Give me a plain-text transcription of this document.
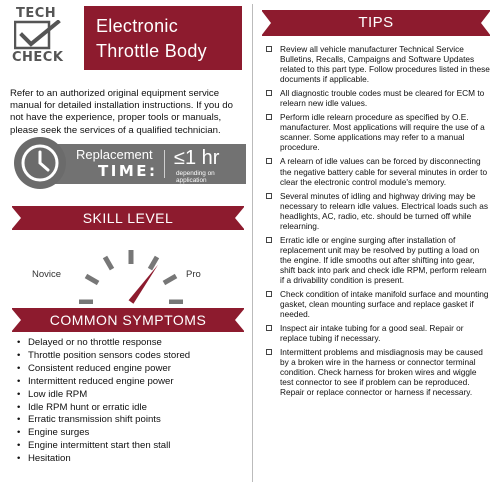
TECH
CHECK
Electronic
Throttle Body

Refer to an authorized original equipment service manual for detailed installation instructions. If you do not have the experience, proper tools or manuals, please seek the services of a qualified technician.

Replacement
TIME:
≤1 hr
depending on application
SKILL LEVEL
Novice	Pro
COMMON SYMPTOMS
• Delayed or no throttle response
• Throttle position sensors codes stored
• Consistent reduced engine power
• Intermittent reduced engine power
• Low idle RPM
• Idle RPM hunt or erratic idle
• Erratic transmission shift points
• Engine surges
• Engine intermittent start then stall
• Hesitation
TIPS
Review all vehicle manufacturer Technical Service Bulletins, Recalls, Campaigns and Software Updates related to this part type. Follow procedures listed in these documents if applicable.
All diagnostic trouble codes must be cleared for ECM to relearn new idle values.
Perform idle relearn procedure as specified by O.E. manufacturer. Most applications will require the use of a scanner. Some applications may refer to a manual procedure.
A relearn of idle values can be forced by disconnecting the negative battery cable for several minutes in order to clear the electronic control module's memory.
Several minutes of idling and highway driving may be necessary to relearn idle values. Electrical loads such as headlights, AC, radio, etc. should be turned off while relearning.
Erratic idle or engine surging after installation of replacement unit may be resolved by putting a load on the engine. If idle smooths out after shifting into gear, shift back into park and check idle RPM, perform relearn if a drivability condition is present.
Check condition of intake manifold surface and mounting gasket, clean mounting surface and replace gasket if needed.
Inspect air intake tubing for a good seal. Repair or replace tubing if necessary.
Intermittent problems and misdiagnosis may be caused by a broken wire in the harness or connector terminal condition. Check harness for broken wires and wiggle test connector to see if problem can be reproduced. Repair or replace connector or harness if necessary.
